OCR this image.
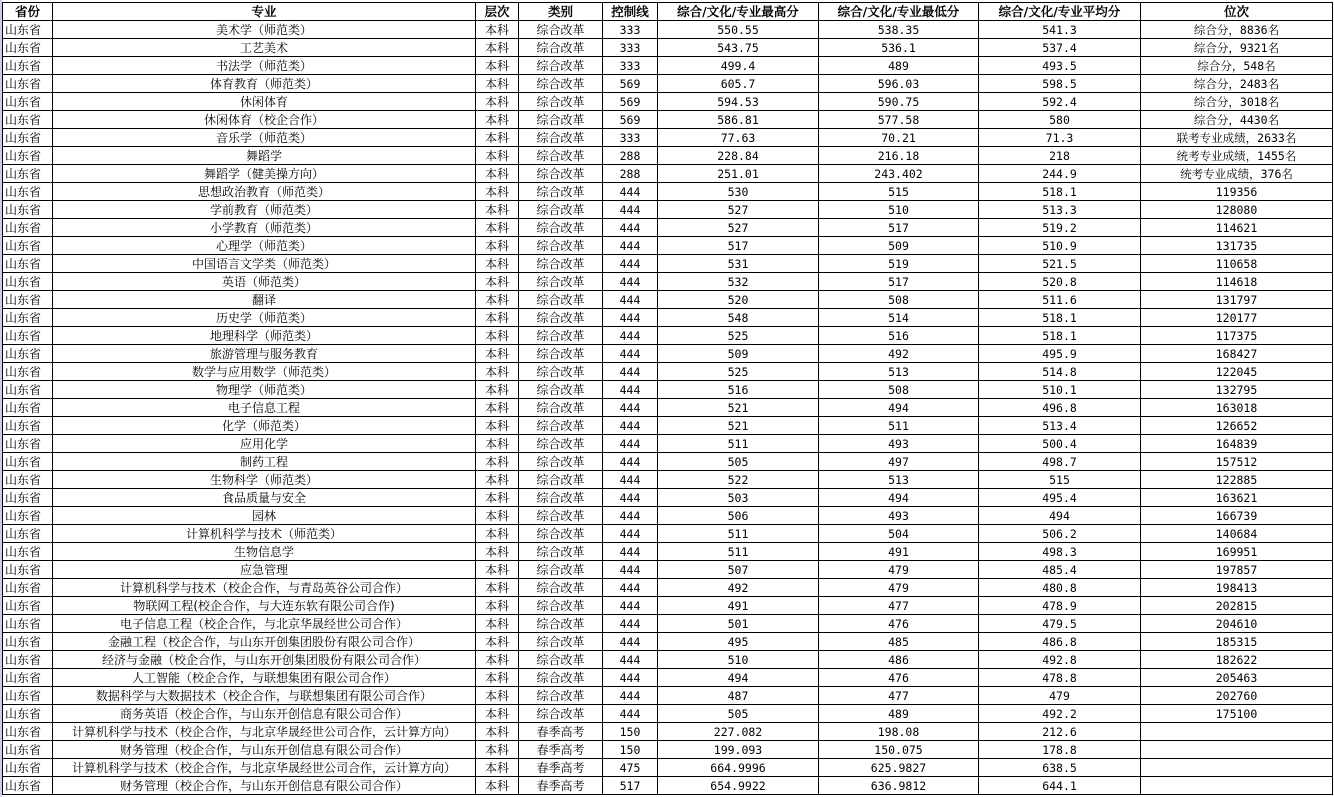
省份	专业	层次	类别	控制线	综合/文化/专业最高分	综合/文化/专业最低分	综合/文化/专业平均分	位次
山东省	美术学（师范类）	本科	综合改革	333	550.55	538.35	541.3	综合分，8836名
山东省	工艺美术	本科	综合改革	333	543.75	536.1	537.4	综合分，9321名
山东省	书法学（师范类）	本科	综合改革	333	499.4	489	493.5	综合分，548名
山东省	体育教育（师范类）	本科	综合改革	569	605.7	596.03	598.5	综合分，2483名
山东省	休闲体育	本科	综合改革	569	594.53	590.75	592.4	综合分，3018名
山东省	休闲体育（校企合作）	本科	综合改革	569	586.81	577.58	580	综合分，4430名
山东省	音乐学（师范类）	本科	综合改革	333	77.63	70.21	71.3	联考专业成绩，2633名
山东省	舞蹈学	本科	综合改革	288	228.84	216.18	218	统考专业成绩，1455名
山东省	舞蹈学（健美操方向）	本科	综合改革	288	251.01	243.402	244.9	统考专业成绩，376名
山东省	思想政治教育（师范类）	本科	综合改革	444	530	515	518.1	119356
山东省	学前教育（师范类）	本科	综合改革	444	527	510	513.3	128080
山东省	小学教育（师范类）	本科	综合改革	444	527	517	519.2	114621
山东省	心理学（师范类）	本科	综合改革	444	517	509	510.9	131735
山东省	中国语言文学类（师范类）	本科	综合改革	444	531	519	521.5	110658
山东省	英语（师范类）	本科	综合改革	444	532	517	520.8	114618
山东省	翻译	本科	综合改革	444	520	508	511.6	131797
山东省	历史学（师范类）	本科	综合改革	444	548	514	518.1	120177
山东省	地理科学（师范类）	本科	综合改革	444	525	516	518.1	117375
山东省	旅游管理与服务教育	本科	综合改革	444	509	492	495.9	168427
山东省	数学与应用数学（师范类）	本科	综合改革	444	525	513	514.8	122045
山东省	物理学（师范类）	本科	综合改革	444	516	508	510.1	132795
山东省	电子信息工程	本科	综合改革	444	521	494	496.8	163018
山东省	化学（师范类）	本科	综合改革	444	521	511	513.4	126652
山东省	应用化学	本科	综合改革	444	511	493	500.4	164839
山东省	制药工程	本科	综合改革	444	505	497	498.7	157512
山东省	生物科学（师范类）	本科	综合改革	444	522	513	515	122885
山东省	食品质量与安全	本科	综合改革	444	503	494	495.4	163621
山东省	园林	本科	综合改革	444	506	493	494	166739
山东省	计算机科学与技术（师范类）	本科	综合改革	444	511	504	506.2	140684
山东省	生物信息学	本科	综合改革	444	511	491	498.3	169951
山东省	应急管理	本科	综合改革	444	507	479	485.4	197857
山东省	计算机科学与技术（校企合作，与青岛英谷公司合作）	本科	综合改革	444	492	479	480.8	198413
山东省	物联网工程(校企合作，与大连东软有限公司合作)	本科	综合改革	444	491	477	478.9	202815
山东省	电子信息工程（校企合作，与北京华晟经世公司合作）	本科	综合改革	444	501	476	479.5	204610
山东省	金融工程（校企合作，与山东开创集团股份有限公司合作）	本科	综合改革	444	495	485	486.8	185315
山东省	经济与金融（校企合作，与山东开创集团股份有限公司合作）	本科	综合改革	444	510	486	492.8	182622
山东省	人工智能（校企合作，与联想集团有限公司合作）	本科	综合改革	444	494	476	478.8	205463
山东省	数据科学与大数据技术（校企合作，与联想集团有限公司合作）	本科	综合改革	444	487	477	479	202760
山东省	商务英语（校企合作，与山东开创信息有限公司合作）	本科	综合改革	444	505	489	492.2	175100
山东省	计算机科学与技术（校企合作，与北京华晟经世公司合作，云计算方向）	本科	春季高考	150	227.082	198.08	212.6	
山东省	财务管理（校企合作，与山东开创信息有限公司合作）	本科	春季高考	150	199.093	150.075	178.8	
山东省	计算机科学与技术（校企合作，与北京华晟经世公司合作，云计算方向）	本科	春季高考	475	664.9996	625.9827	638.5	
山东省	财务管理（校企合作，与山东开创信息有限公司合作）	本科	春季高考	517	654.9922	636.9812	644.1	
